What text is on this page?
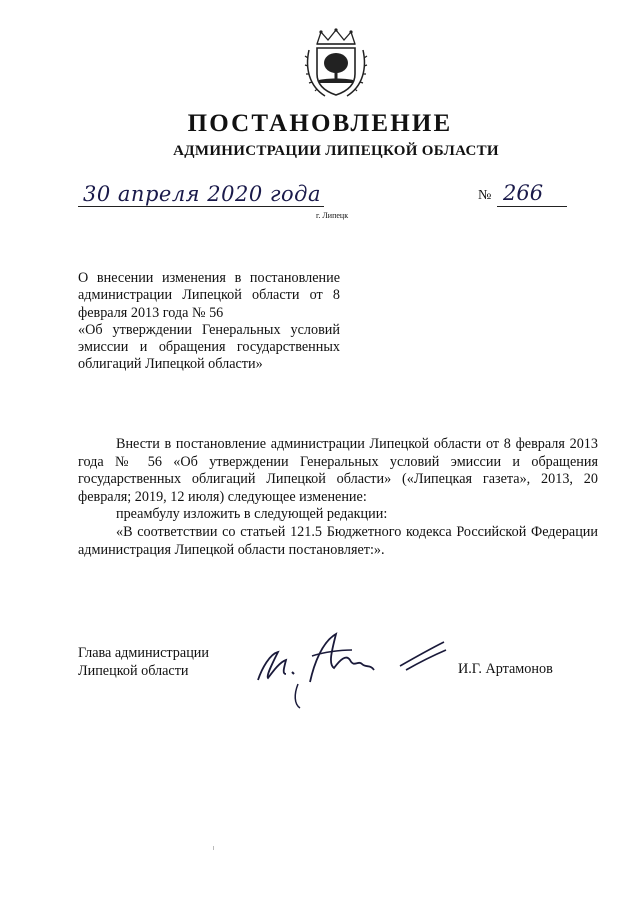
ПОСТАНОВЛЕНИЕ
АДМИНИСТРАЦИИ ЛИПЕЦКОЙ ОБЛАСТИ
30 апреля 2020 года
г. Липецк
№ 266

О внесении изменения в постановление администрации Липецкой области от 8 февраля 2013 года № 56

«Об утверждении Генеральных условий эмиссии и обращения государственных облигаций Липецкой области»

Внести в постановление администрации Липецкой области от 8 февраля 2013 года № 56 «Об утверждении Генеральных условий эмиссии и обращения государственных облигаций Липецкой области» («Липецкая газета», 2013, 20 февраля; 2019, 12 июля) следующее изменение:

преамбулу изложить в следующей редакции:

«В соответствии со статьей 121.5 Бюджетного кодекса Российской Федерации администрация Липецкой области постановляет:».

Глава администрации
Липецкой области	И.Г. Артамонов
